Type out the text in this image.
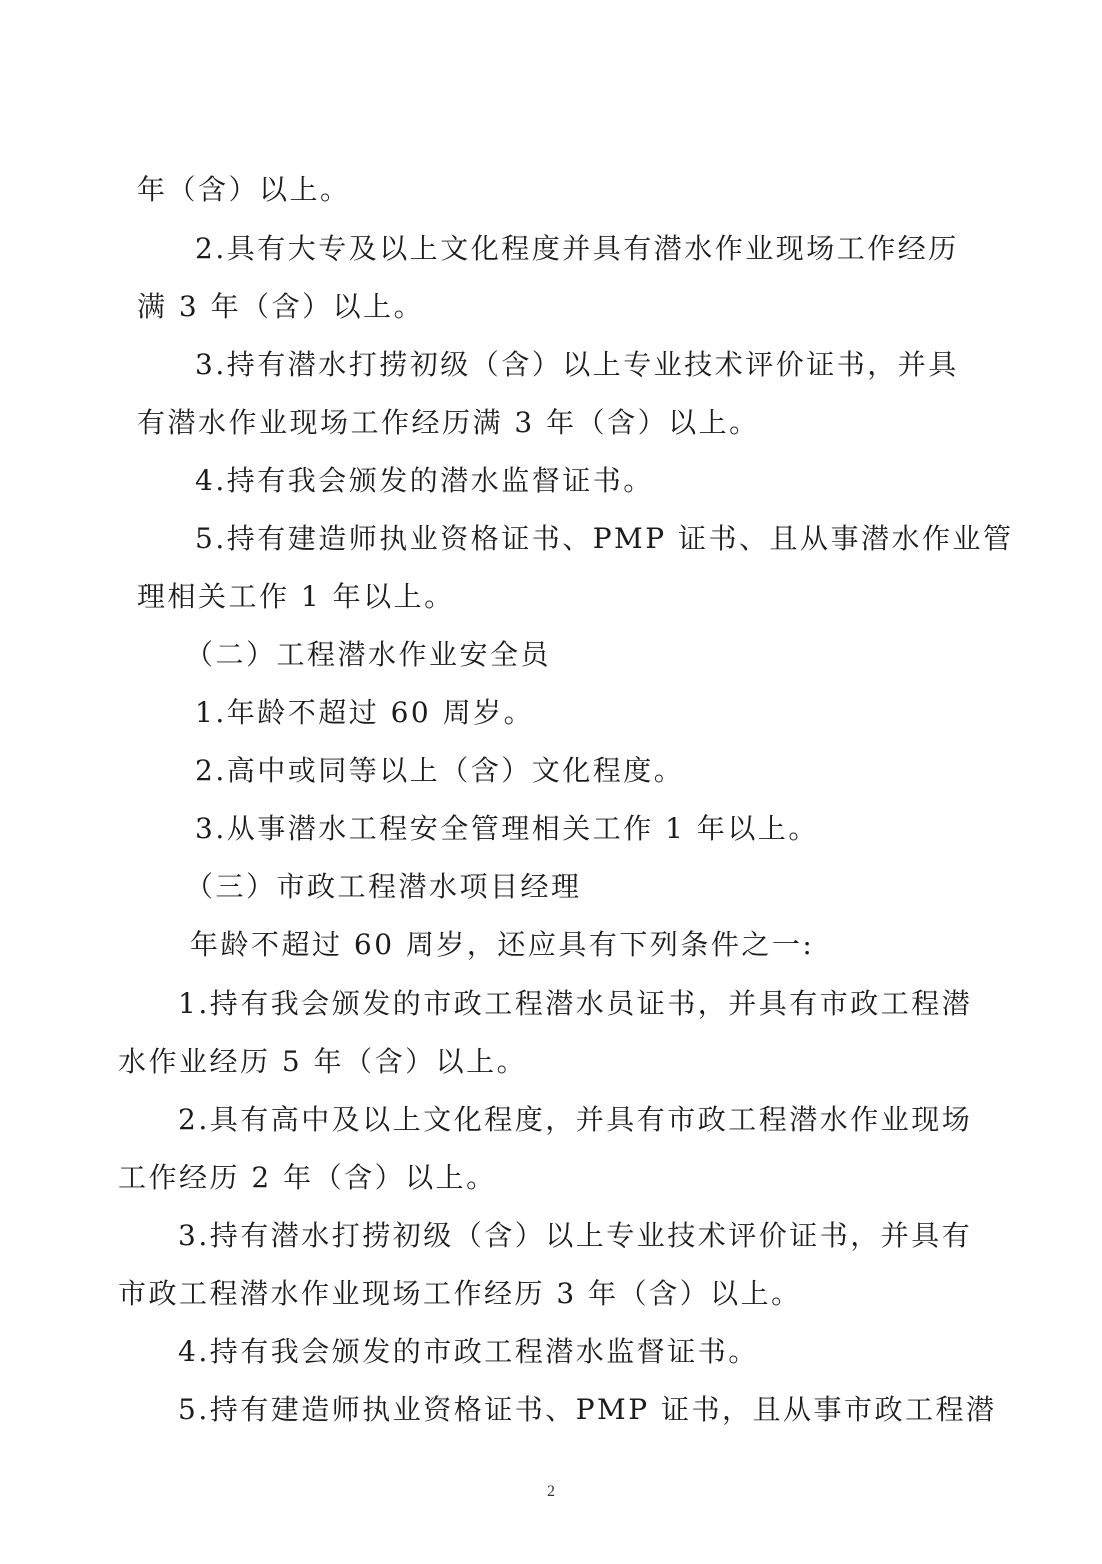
年（含）以上。
2.具有大专及以上文化程度并具有潜水作业现场工作经历
满 3 年（含）以上。
3.持有潜水打捞初级（含）以上专业技术评价证书，并具
有潜水作业现场工作经历满 3 年（含）以上。
4.持有我会颁发的潜水监督证书。
5.持有建造师执业资格证书、PMP 证书、且从事潜水作业管
理相关工作 1 年以上。
（二）工程潜水作业安全员
1.年龄不超过 60 周岁。
2.高中或同等以上（含）文化程度。
3.从事潜水工程安全管理相关工作 1 年以上。
（三）市政工程潜水项目经理
年龄不超过 60 周岁，还应具有下列条件之一:
1.持有我会颁发的市政工程潜水员证书，并具有市政工程潜
水作业经历 5 年（含）以上。
2.具有高中及以上文化程度，并具有市政工程潜水作业现场
工作经历 2 年（含）以上。
3.持有潜水打捞初级（含）以上专业技术评价证书，并具有
市政工程潜水作业现场工作经历 3 年（含）以上。
4.持有我会颁发的市政工程潜水监督证书。
5.持有建造师执业资格证书、PMP 证书，且从事市政工程潜
2
